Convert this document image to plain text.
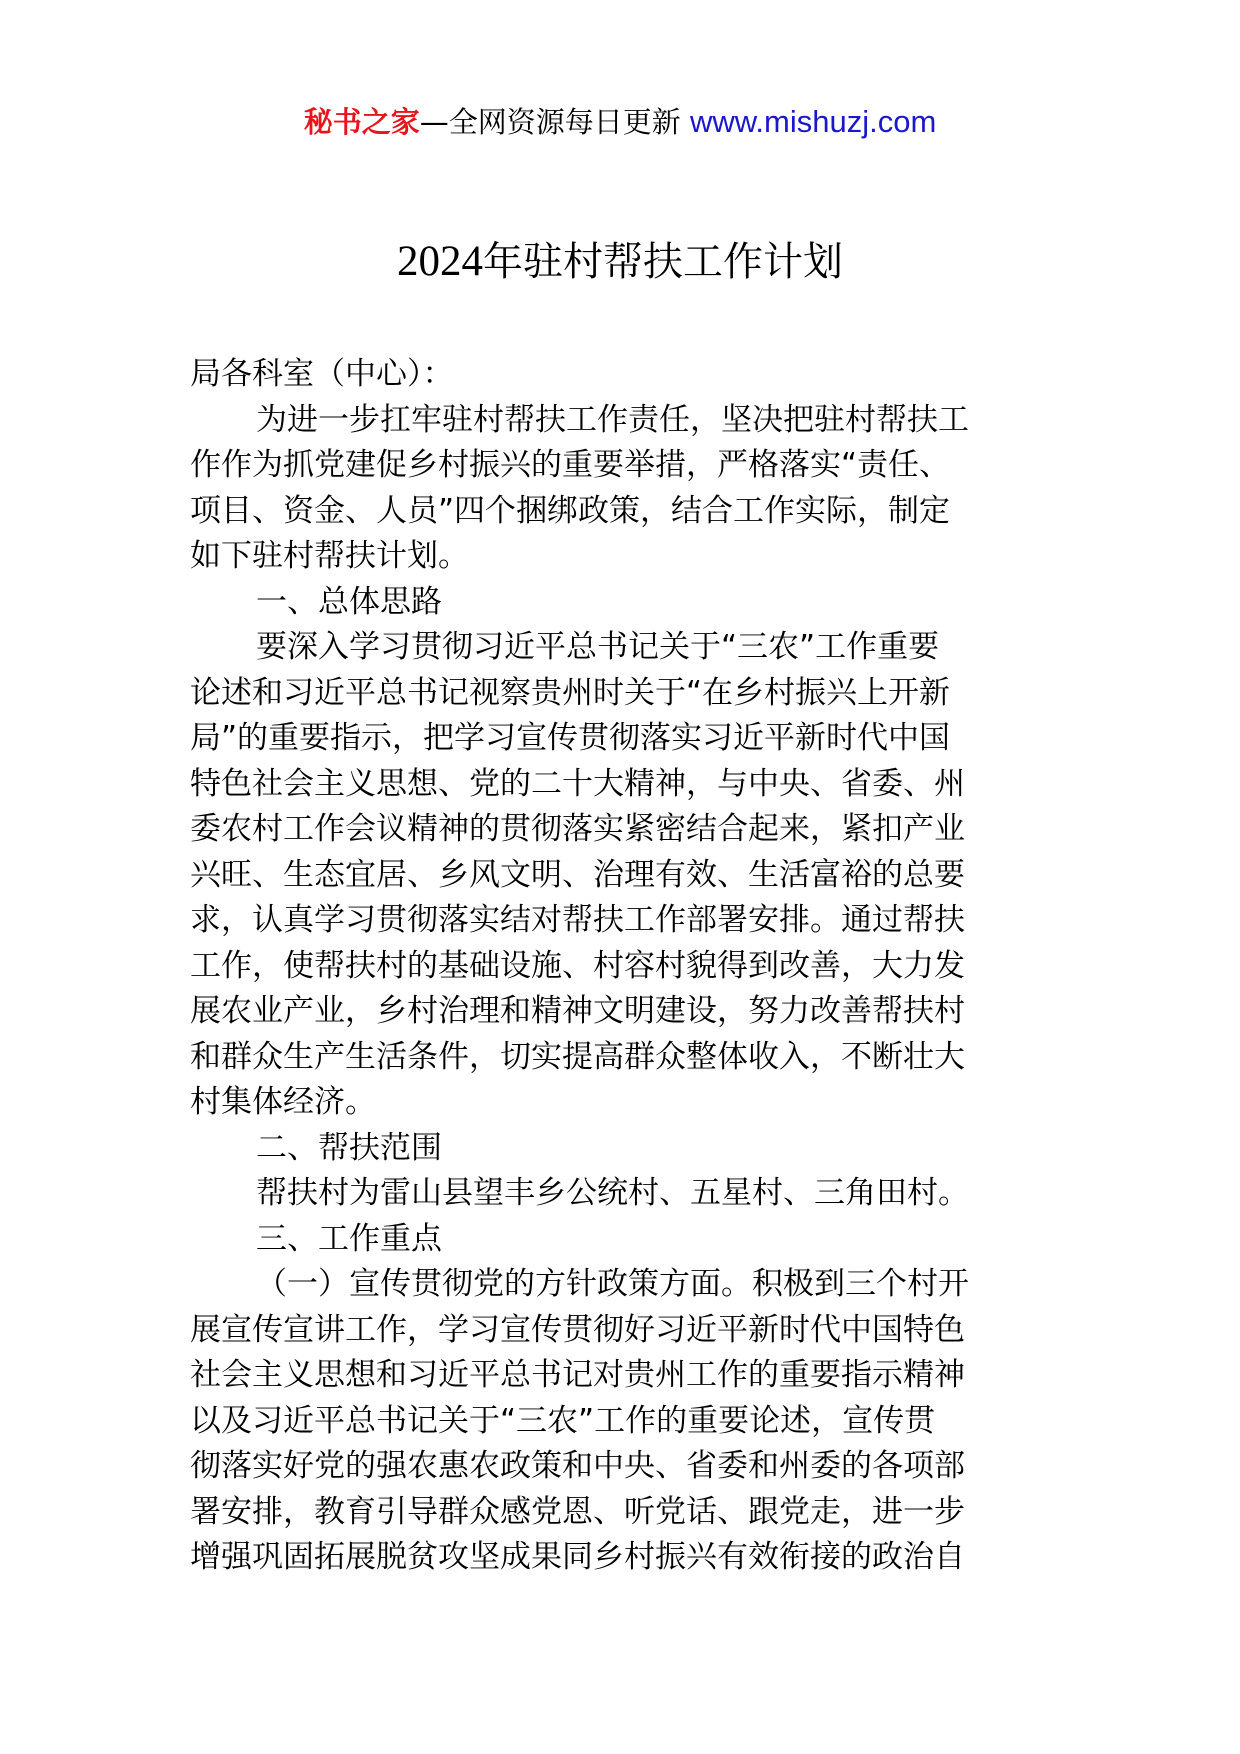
秘书之家—全网资源每日更新 www.mishuzj.com
2024年驻村帮扶工作计划

局各科室（中心）：

为进一步扛牢驻村帮扶工作责任，坚决把驻村帮扶工

作作为抓党建促乡村振兴的重要举措，严格落实“责任、

项目、资金、人员”四个捆绑政策，结合工作实际，制定

如下驻村帮扶计划。

一、总体思路

要深入学习贯彻习近平总书记关于“三农”工作重要

论述和习近平总书记视察贵州时关于“在乡村振兴上开新

局”的重要指示，把学习宣传贯彻落实习近平新时代中国

特色社会主义思想、党的二十大精神，与中央、省委、州

委农村工作会议精神的贯彻落实紧密结合起来，紧扣产业

兴旺、生态宜居、乡风文明、治理有效、生活富裕的总要

求，认真学习贯彻落实结对帮扶工作部署安排。通过帮扶

工作，使帮扶村的基础设施、村容村貌得到改善，大力发

展农业产业，乡村治理和精神文明建设，努力改善帮扶村

和群众生产生活条件，切实提高群众整体收入，不断壮大

村集体经济。

二、帮扶范围

帮扶村为雷山县望丰乡公统村、五星村、三角田村。

三、工作重点

（一）宣传贯彻党的方针政策方面。积极到三个村开

展宣传宣讲工作，学习宣传贯彻好习近平新时代中国特色

社会主义思想和习近平总书记对贵州工作的重要指示精神

以及习近平总书记关于“三农”工作的重要论述，宣传贯

彻落实好党的强农惠农政策和中央、省委和州委的各项部

署安排，教育引导群众感党恩、听党话、跟党走，进一步

增强巩固拓展脱贫攻坚成果同乡村振兴有效衔接的政治自
